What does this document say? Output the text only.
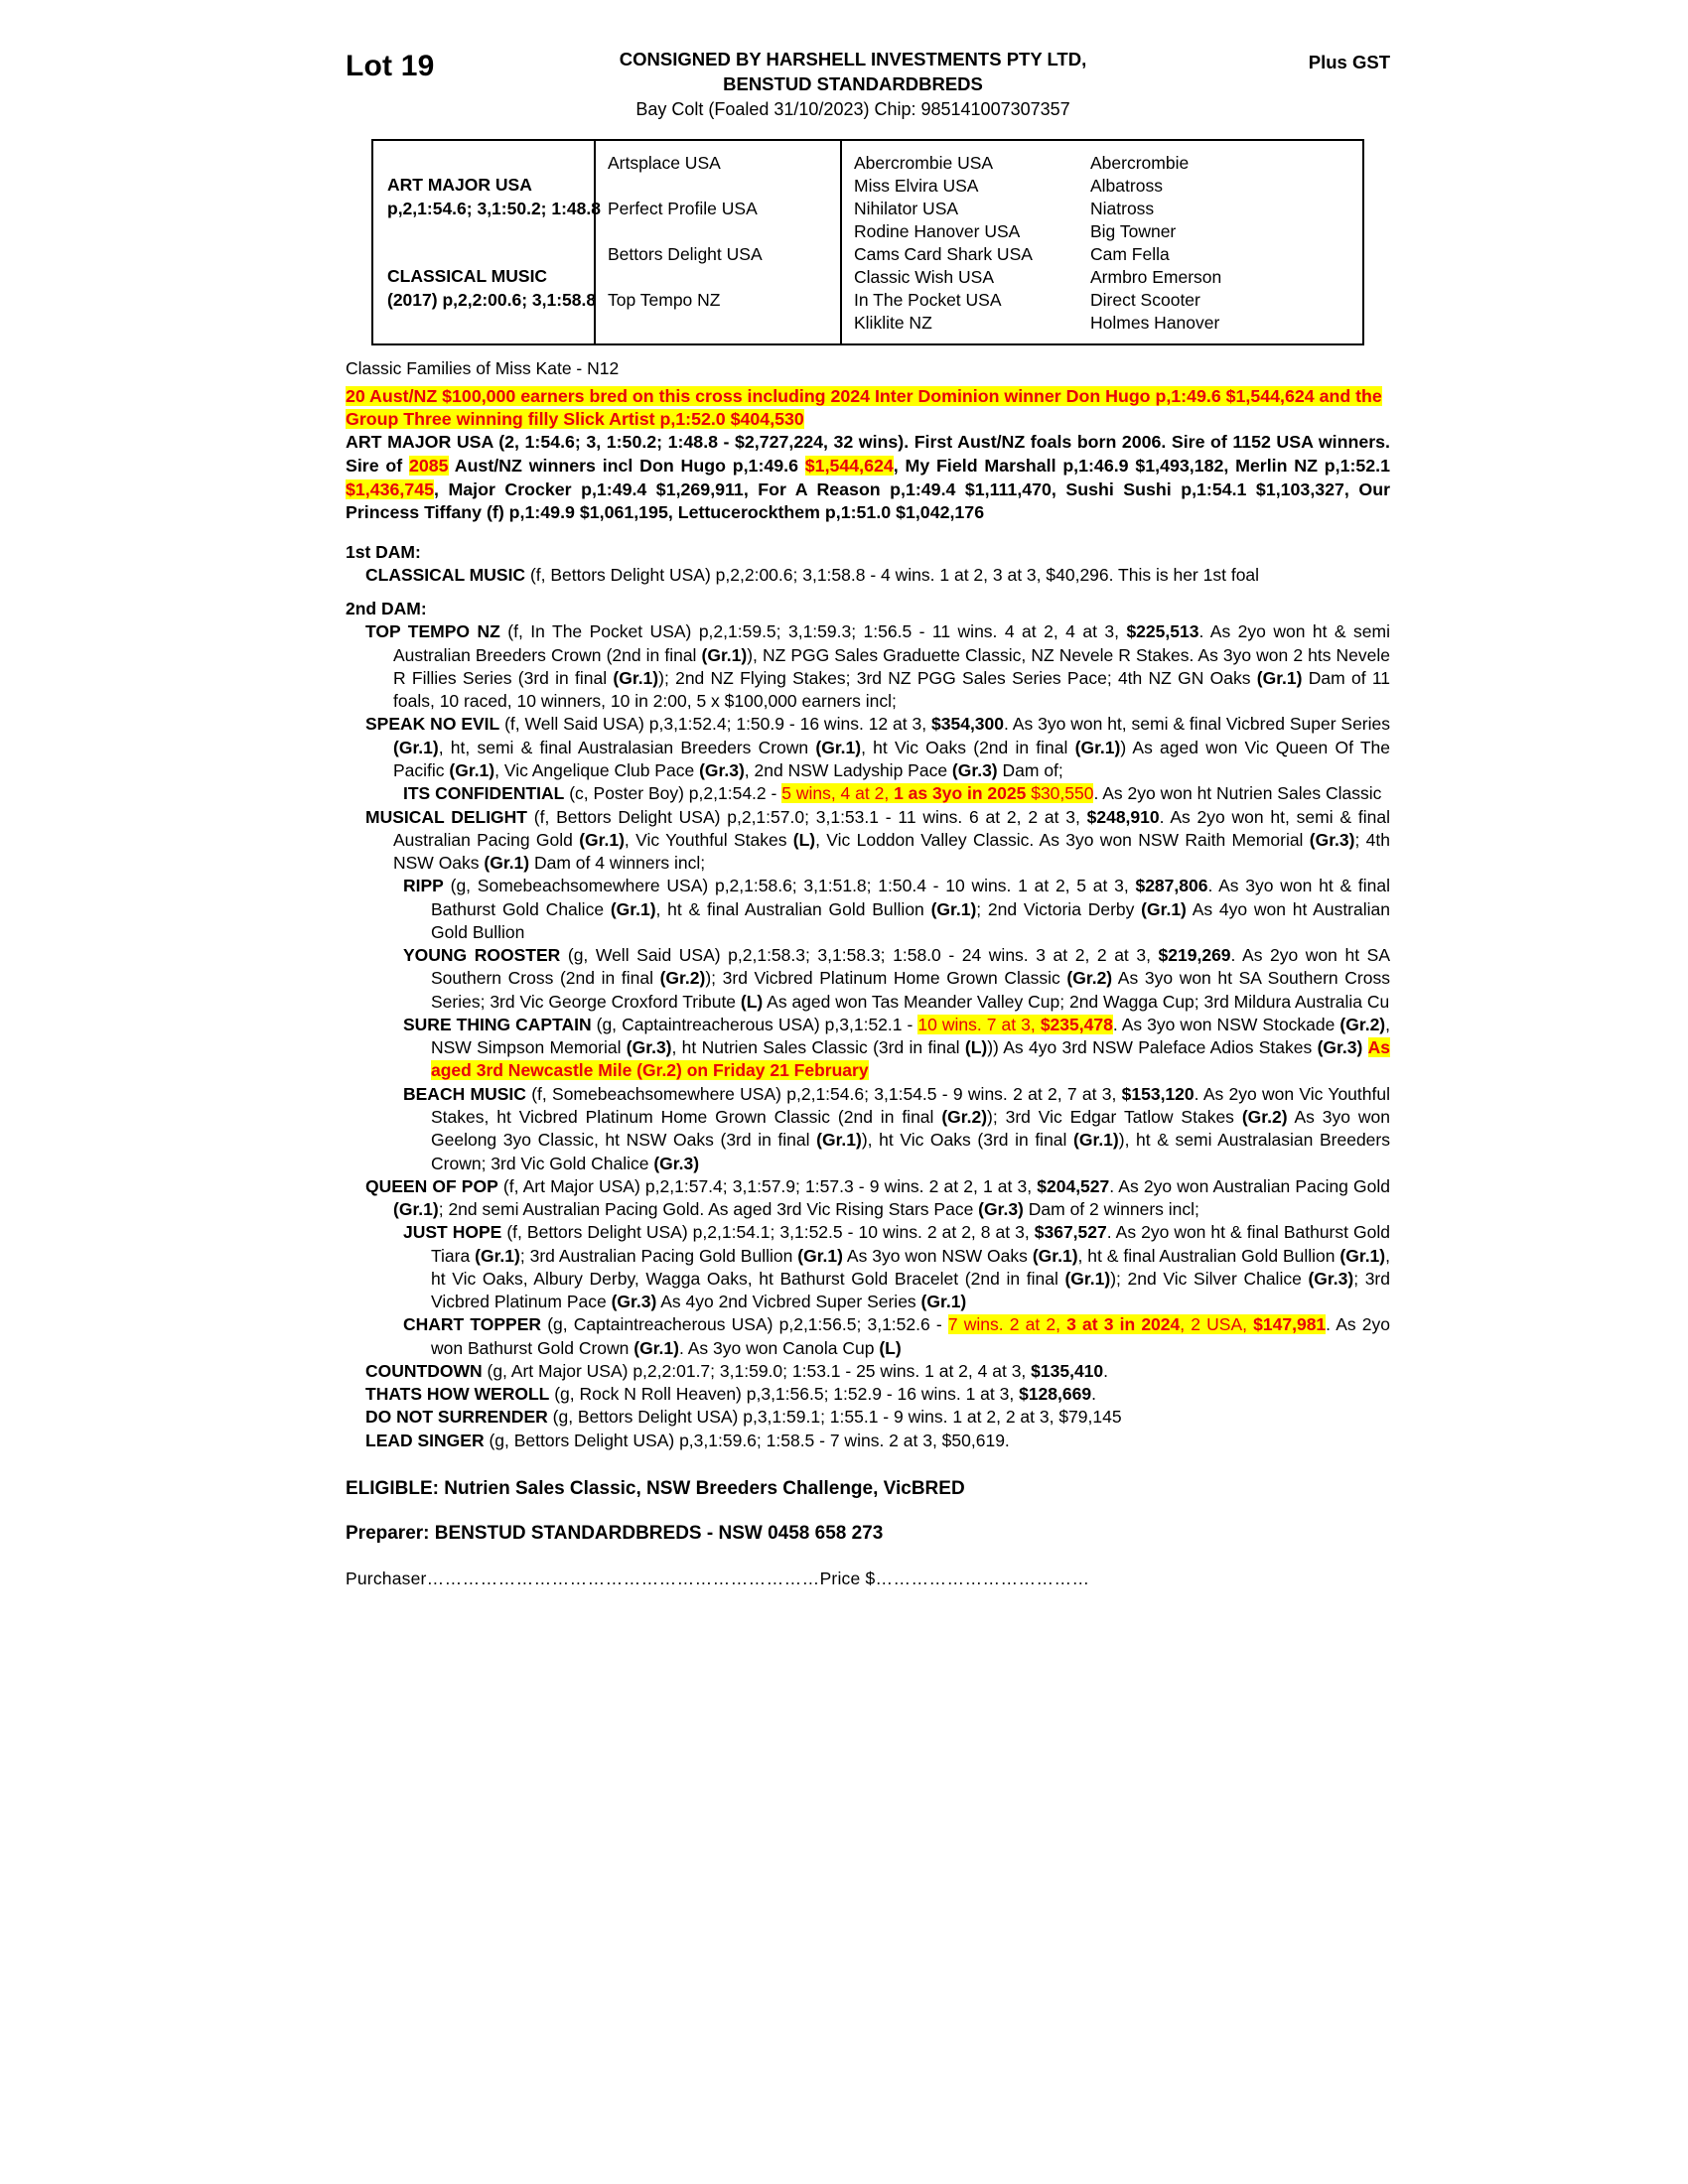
Lot 19	Plus GST
CONSIGNED BY HARSHELL INVESTMENTS PTY LTD,
BENSTUD STANDARDBREDS
Bay Colt (Foaled 31/10/2023) Chip: 985141007307357
ART MAJOR USA
p,2,1:54.6; 3,1:50.2; 1:48.8
CLASSICAL MUSIC
(2017) p,2,2:00.6; 3,1:58.8
Artsplace USA
Perfect Profile USA
Bettors Delight USA
Top Tempo NZ
Abercrombie USA
Miss Elvira USA
Nihilator USA
Rodine Hanover USA
Cams Card Shark USA
Classic Wish USA
In The Pocket USA
Kliklite NZ
Abercrombie
Albatross
Niatross
Big Towner
Cam Fella
Armbro Emerson
Direct Scooter
Holmes Hanover
Classic Families of Miss Kate - N12
20 Aust/NZ $100,000 earners bred on this cross including 2024 Inter Dominion winner Don Hugo p,1:49.6 $1,544,624 and the Group Three winning filly Slick Artist p,1:52.0 $404,530

ART MAJOR USA (2, 1:54.6; 3, 1:50.2; 1:48.8 - $2,727,224, 32 wins). First Aust/NZ foals born 2006. Sire of 1152 USA winners. Sire of 2085 Aust/NZ winners incl Don Hugo p,1:49.6 $1,544,624, My Field Marshall p,1:46.9 $1,493,182, Merlin NZ p,1:52.1 $1,436,745, Major Crocker p,1:49.4 $1,269,911, For A Reason p,1:49.4 $1,111,470, Sushi Sushi p,1:54.1 $1,103,327, Our Princess Tiffany (f) p,1:49.9 $1,061,195, Lettucerockthem p,1:51.0 $1,042,176

1st DAM:

CLASSICAL MUSIC (f, Bettors Delight USA) p,2,2:00.6; 3,1:58.8 - 4 wins. 1 at 2, 3 at 3, $40,296. This is her 1st foal

2nd DAM:

TOP TEMPO NZ (f, In The Pocket USA) p,2,1:59.5; 3,1:59.3; 1:56.5 - 11 wins. 4 at 2, 4 at 3, $225,513. As 2yo won ht & semi Australian Breeders Crown (2nd in final (Gr.1)), NZ PGG Sales Graduette Classic, NZ Nevele R Stakes. As 3yo won 2 hts Nevele R Fillies Series (3rd in final (Gr.1)); 2nd NZ Flying Stakes; 3rd NZ PGG Sales Series Pace; 4th NZ GN Oaks (Gr.1) Dam of 11 foals, 10 raced, 10 winners, 10 in 2:00, 5 x $100,000 earners incl;

SPEAK NO EVIL (f, Well Said USA) p,3,1:52.4; 1:50.9 - 16 wins. 12 at 3, $354,300. As 3yo won ht, semi & final Vicbred Super Series (Gr.1), ht, semi & final Australasian Breeders Crown (Gr.1), ht Vic Oaks (2nd in final (Gr.1)) As aged won Vic Queen Of The Pacific (Gr.1), Vic Angelique Club Pace (Gr.3), 2nd NSW Ladyship Pace (Gr.3) Dam of;

ITS CONFIDENTIAL (c, Poster Boy) p,2,1:54.2 - 5 wins, 4 at 2, 1 as 3yo in 2025 $30,550. As 2yo won ht Nutrien Sales Classic

MUSICAL DELIGHT (f, Bettors Delight USA) p,2,1:57.0; 3,1:53.1 - 11 wins. 6 at 2, 2 at 3, $248,910. As 2yo won ht, semi & final Australian Pacing Gold (Gr.1), Vic Youthful Stakes (L), Vic Loddon Valley Classic. As 3yo won NSW Raith Memorial (Gr.3); 4th NSW Oaks (Gr.1) Dam of 4 winners incl;

RIPP (g, Somebeachsomewhere USA) p,2,1:58.6; 3,1:51.8; 1:50.4 - 10 wins. 1 at 2, 5 at 3, $287,806. As 3yo won ht & final Bathurst Gold Chalice (Gr.1), ht & final Australian Gold Bullion (Gr.1); 2nd Victoria Derby (Gr.1) As 4yo won ht Australian Gold Bullion

YOUNG ROOSTER (g, Well Said USA) p,2,1:58.3; 3,1:58.3; 1:58.0 - 24 wins. 3 at 2, 2 at 3, $219,269. As 2yo won ht SA Southern Cross (2nd in final (Gr.2)); 3rd Vicbred Platinum Home Grown Classic (Gr.2) As 3yo won ht SA Southern Cross Series; 3rd Vic George Croxford Tribute (L) As aged won Tas Meander Valley Cup; 2nd Wagga Cup; 3rd Mildura Australia Cu

SURE THING CAPTAIN (g, Captaintreacherous USA) p,3,1:52.1 - 10 wins. 7 at 3, $235,478. As 3yo won NSW Stockade (Gr.2), NSW Simpson Memorial (Gr.3), ht Nutrien Sales Classic (3rd in final (L))) As 4yo 3rd NSW Paleface Adios Stakes (Gr.3) As aged 3rd Newcastle Mile (Gr.2) on Friday 21 February

BEACH MUSIC (f, Somebeachsomewhere USA) p,2,1:54.6; 3,1:54.5 - 9 wins. 2 at 2, 7 at 3, $153,120. As 2yo won Vic Youthful Stakes, ht Vicbred Platinum Home Grown Classic (2nd in final (Gr.2)); 3rd Vic Edgar Tatlow Stakes (Gr.2) As 3yo won Geelong 3yo Classic, ht NSW Oaks (3rd in final (Gr.1)), ht Vic Oaks (3rd in final (Gr.1)), ht & semi Australasian Breeders Crown; 3rd Vic Gold Chalice (Gr.3)

QUEEN OF POP (f, Art Major USA) p,2,1:57.4; 3,1:57.9; 1:57.3 - 9 wins. 2 at 2, 1 at 3, $204,527. As 2yo won Australian Pacing Gold (Gr.1); 2nd semi Australian Pacing Gold. As aged 3rd Vic Rising Stars Pace (Gr.3) Dam of 2 winners incl;

JUST HOPE (f, Bettors Delight USA) p,2,1:54.1; 3,1:52.5 - 10 wins. 2 at 2, 8 at 3, $367,527. As 2yo won ht & final Bathurst Gold Tiara (Gr.1); 3rd Australian Pacing Gold Bullion (Gr.1) As 3yo won NSW Oaks (Gr.1), ht & final Australian Gold Bullion (Gr.1), ht Vic Oaks, Albury Derby, Wagga Oaks, ht Bathurst Gold Bracelet (2nd in final (Gr.1)); 2nd Vic Silver Chalice (Gr.3); 3rd Vicbred Platinum Pace (Gr.3) As 4yo 2nd Vicbred Super Series (Gr.1)

CHART TOPPER (g, Captaintreacherous USA) p,2,1:56.5; 3,1:52.6 - 7 wins. 2 at 2, 3 at 3 in 2024, 2 USA, $147,981. As 2yo won Bathurst Gold Crown (Gr.1). As 3yo won Canola Cup (L)

COUNTDOWN (g, Art Major USA) p,2,2:01.7; 3,1:59.0; 1:53.1 - 25 wins. 1 at 2, 4 at 3, $135,410.

THATS HOW WEROLL (g, Rock N Roll Heaven) p,3,1:56.5; 1:52.9 - 16 wins. 1 at 3, $128,669.

DO NOT SURRENDER (g, Bettors Delight USA) p,3,1:59.1; 1:55.1 - 9 wins. 1 at 2, 2 at 3, $79,145

LEAD SINGER (g, Bettors Delight USA) p,3,1:59.6; 1:58.5 - 7 wins. 2 at 3, $50,619.

ELIGIBLE: Nutrien Sales Classic, NSW Breeders Challenge, VicBRED
Preparer: BENSTUD STANDARDBREDS - NSW 0458 658 273
Purchaser…………………………………………………………Price $………………………………
